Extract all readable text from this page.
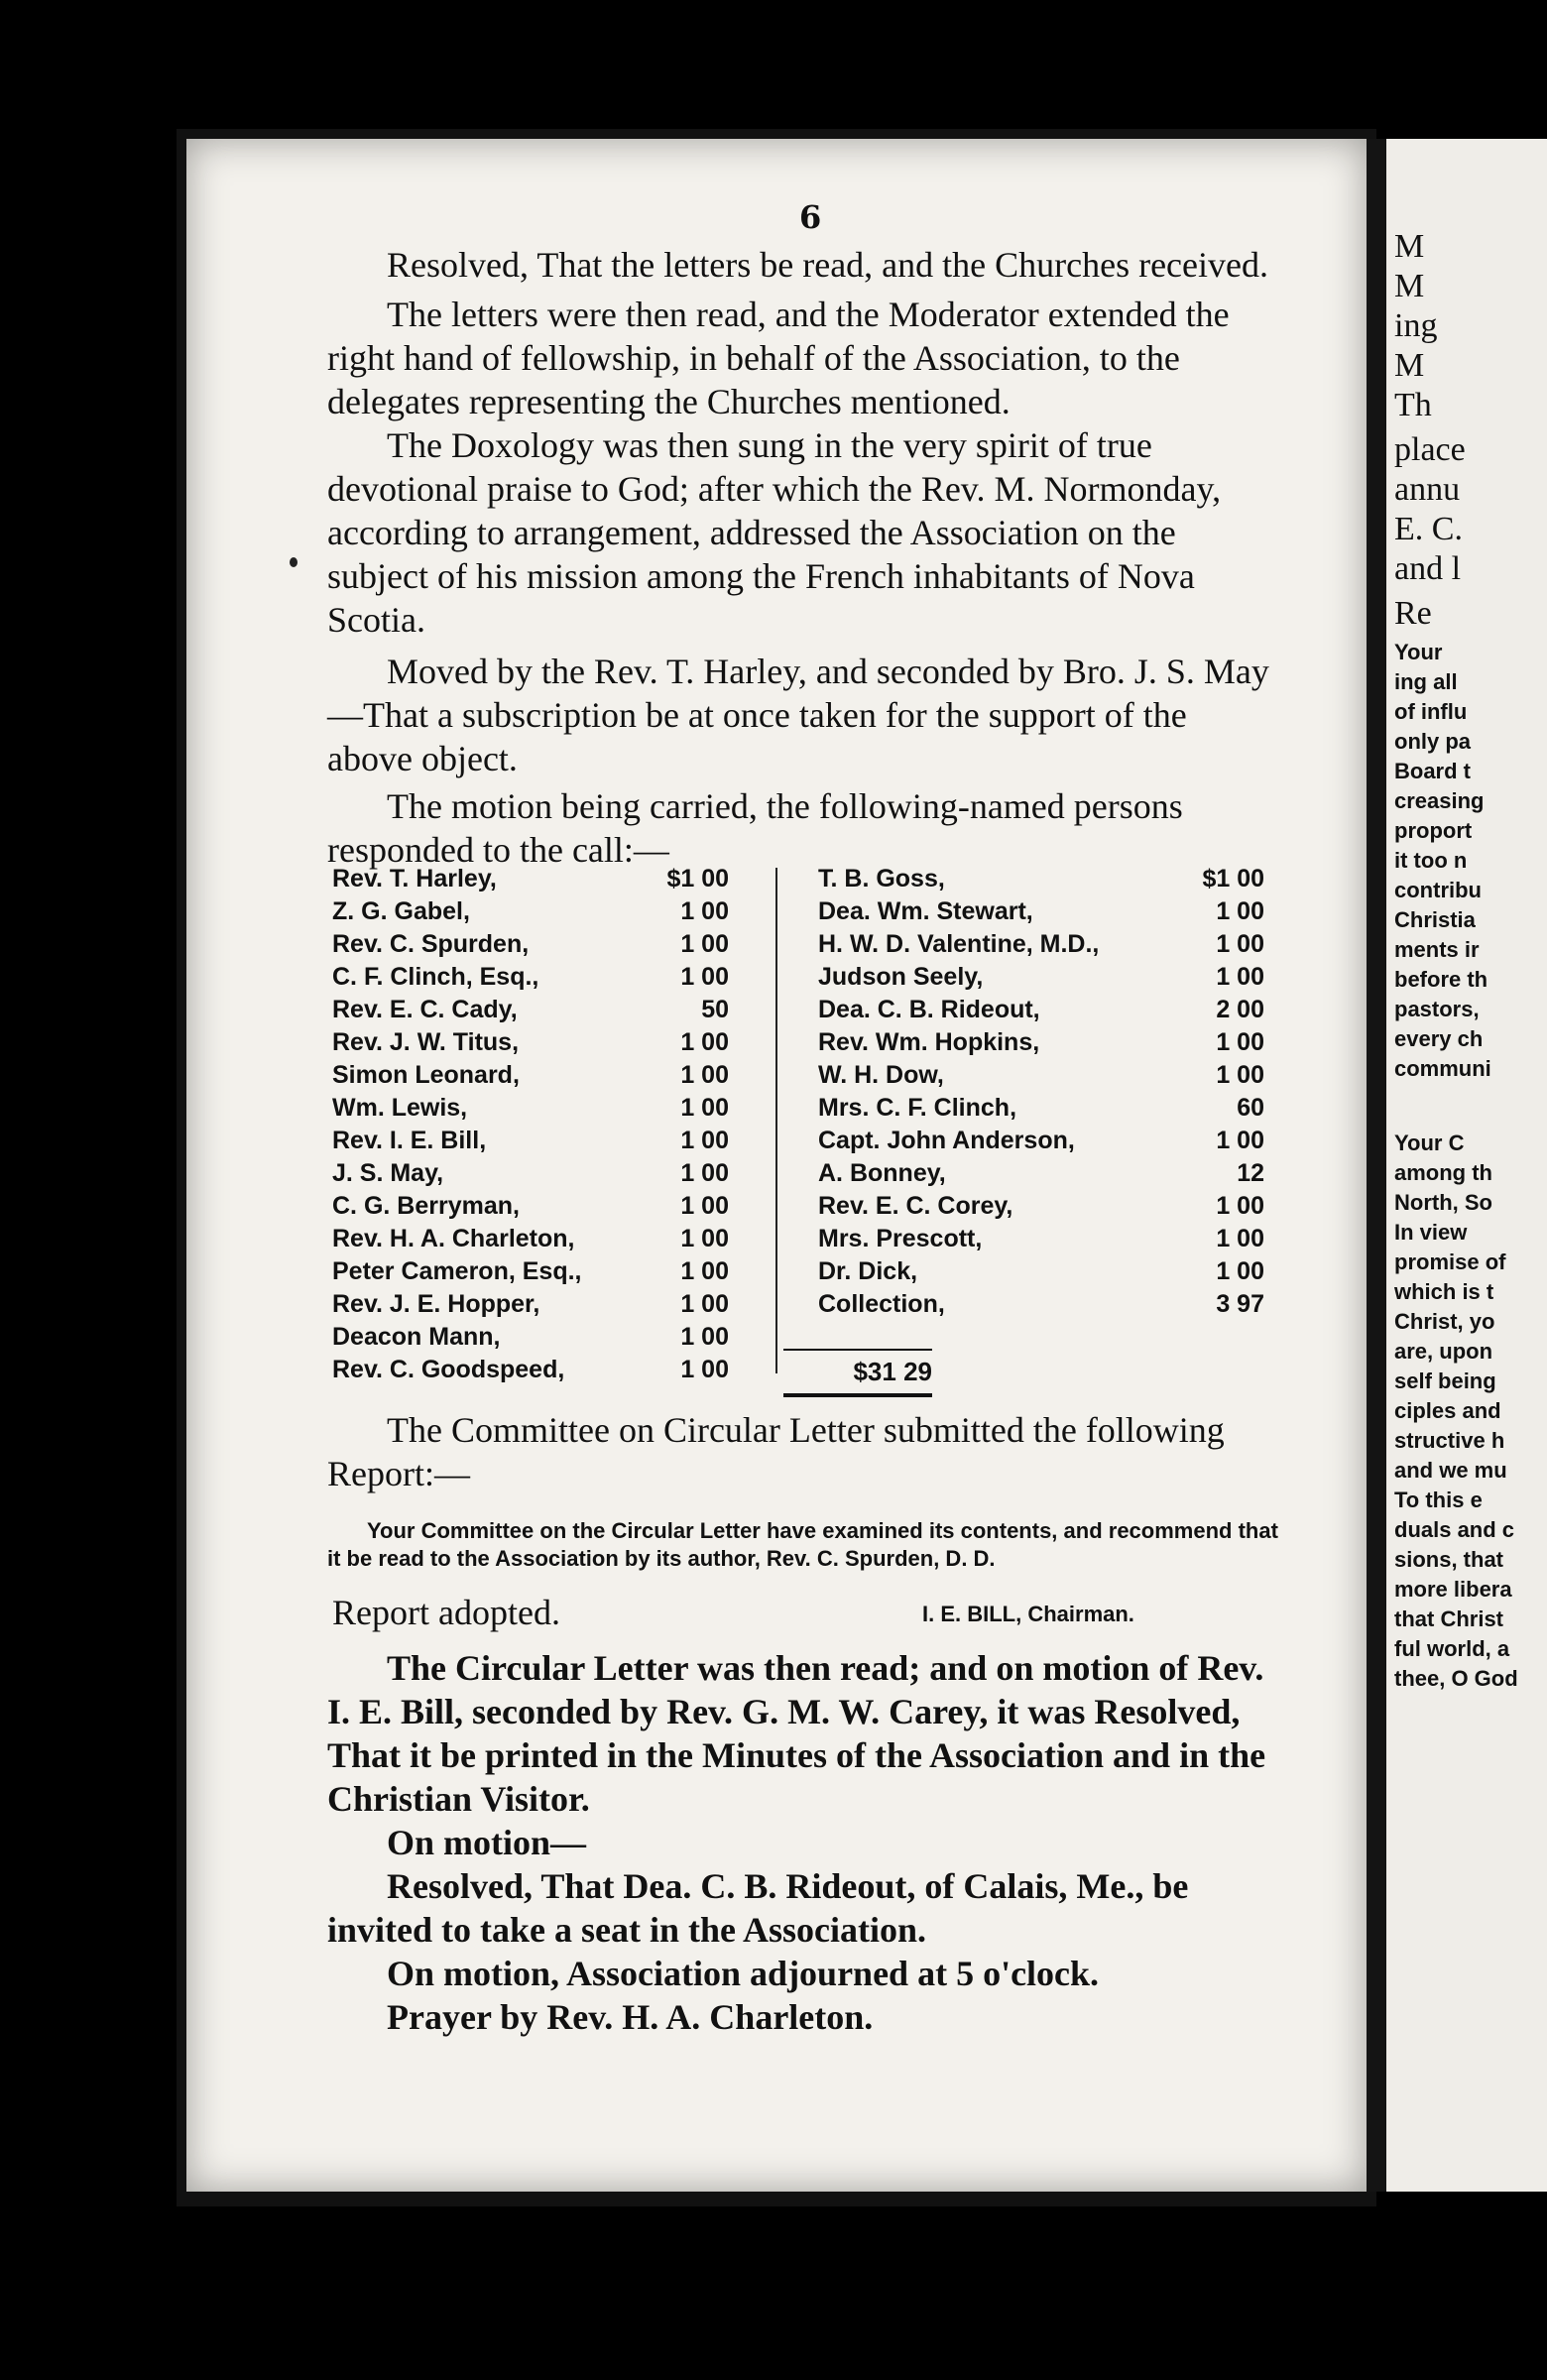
6

Resolved, That the letters be read, and the Churches received.

The letters were then read, and the Moderator extended the right hand of fellowship, in behalf of the Association, to the delegates representing the Churches mentioned.

The Doxology was then sung in the very spirit of true devotional praise to God; after which the Rev. M. Normonday, according to arrangement, addressed the Association on the subject of his mission among the French inhabitants of Nova Scotia.

Moved by the Rev. T. Harley, and seconded by Bro. J. S. May—That a subscription be at once taken for the support of the above object.

The motion being carried, the following-named persons responded to the call:—

Rev. T. Harley,	$1 00
Z. G. Gabel,	1 00
Rev. C. Spurden,	1 00
C. F. Clinch, Esq.,	1 00
Rev. E. C. Cady,	50
Rev. J. W. Titus,	1 00
Simon Leonard,	1 00
Wm. Lewis,	1 00
Rev. I. E. Bill,	1 00
J. S. May,	1 00
C. G. Berryman,	1 00
Rev. H. A. Charleton,	1 00
Peter Cameron, Esq.,	1 00
Rev. J. E. Hopper,	1 00
Deacon Mann,	1 00
Rev. C. Goodspeed,	1 00
T. B. Goss,	$1 00
Dea. Wm. Stewart,	1 00
H. W. D. Valentine, M.D.,	1 00
Judson Seely,	1 00
Dea. C. B. Rideout,	2 00
Rev. Wm. Hopkins,	1 00
W. H. Dow,	1 00
Mrs. C. F. Clinch,	60
Capt. John Anderson,	1 00
A. Bonney,	12
Rev. E. C. Corey,	1 00
Mrs. Prescott,	1 00
Dr. Dick,	1 00
Collection,	3 97
$31 29

The Committee on Circular Letter submitted the following Report:—

Your Committee on the Circular Letter have examined its contents, and recommend that it be read to the Association by its author, Rev. C. Spurden, D. D.

Report adopted.	I. E. BILL, Chairman.

The Circular Letter was then read; and on motion of Rev. I. E. Bill, seconded by Rev. G. M. W. Carey, it was Resolved, That it be printed in the Minutes of the Association and in the Christian Visitor.

On motion—

Resolved, That Dea. C. B. Rideout, of Calais, Me., be invited to take a seat in the Association.

On motion, Association adjourned at 5 o'clock.

Prayer by Rev. H. A. Charleton.

M
M
ing
M
Th
place
annu
E. C.
and l
Re
Your
ing all
of influ
only pa
Board t
creasing
proport
it too n
contribu
Christia
ments ir
before th
pastors,
every ch
communi
Your C
among th
North, So
In view
promise of
which is t
Christ, yo
are, upon
self being
ciples and
structive h
and we mu
To this e
duals and c
sions, that
more libera
that Christ
ful world, a
thee, O God
